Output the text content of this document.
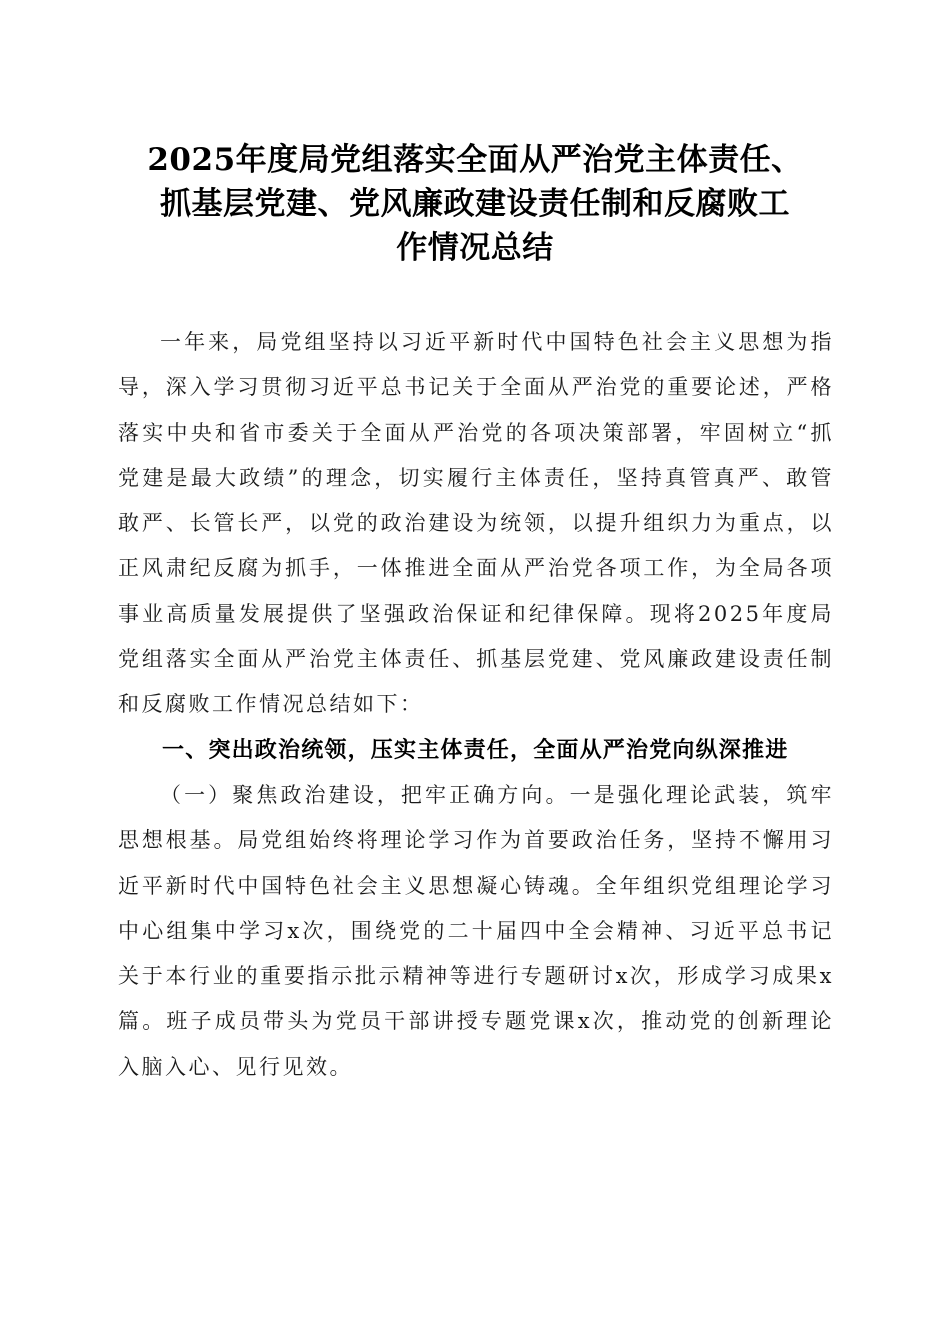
2025年度局党组落实全面从严治党主体责任、
抓基层党建、党风廉政建设责任制和反腐败工
作情况总结

一年来，局党组坚持以习近平新时代中国特色社会主义思想为指导，深入学习贯彻习近平总书记关于全面从严治党的重要论述，严格落实中央和省市委关于全面从严治党的各项决策部署，牢固树立“抓党建是最大政绩”的理念，切实履行主体责任，坚持真管真严、敢管敢严、长管长严，以党的政治建设为统领，以提升组织力为重点，以正风肃纪反腐为抓手，一体推进全面从严治党各项工作，为全局各项事业高质量发展提供了坚强政治保证和纪律保障。现将2025年度局党组落实全面从严治党主体责任、抓基层党建、党风廉政建设责任制和反腐败工作情况总结如下：

一、突出政治统领，压实主体责任，全面从严治党向纵深推进

（一）聚焦政治建设，把牢正确方向。一是强化理论武装，筑牢思想根基。局党组始终将理论学习作为首要政治任务，坚持不懈用习近平新时代中国特色社会主义思想凝心铸魂。全年组织党组理论学习中心组集中学习x次，围绕党的二十届四中全会精神、习近平总书记关于本行业的重要指示批示精神等进行专题研讨x次，形成学习成果x篇。班子成员带头为党员干部讲授专题党课x次，推动党的创新理论入脑入心、见行见效。
